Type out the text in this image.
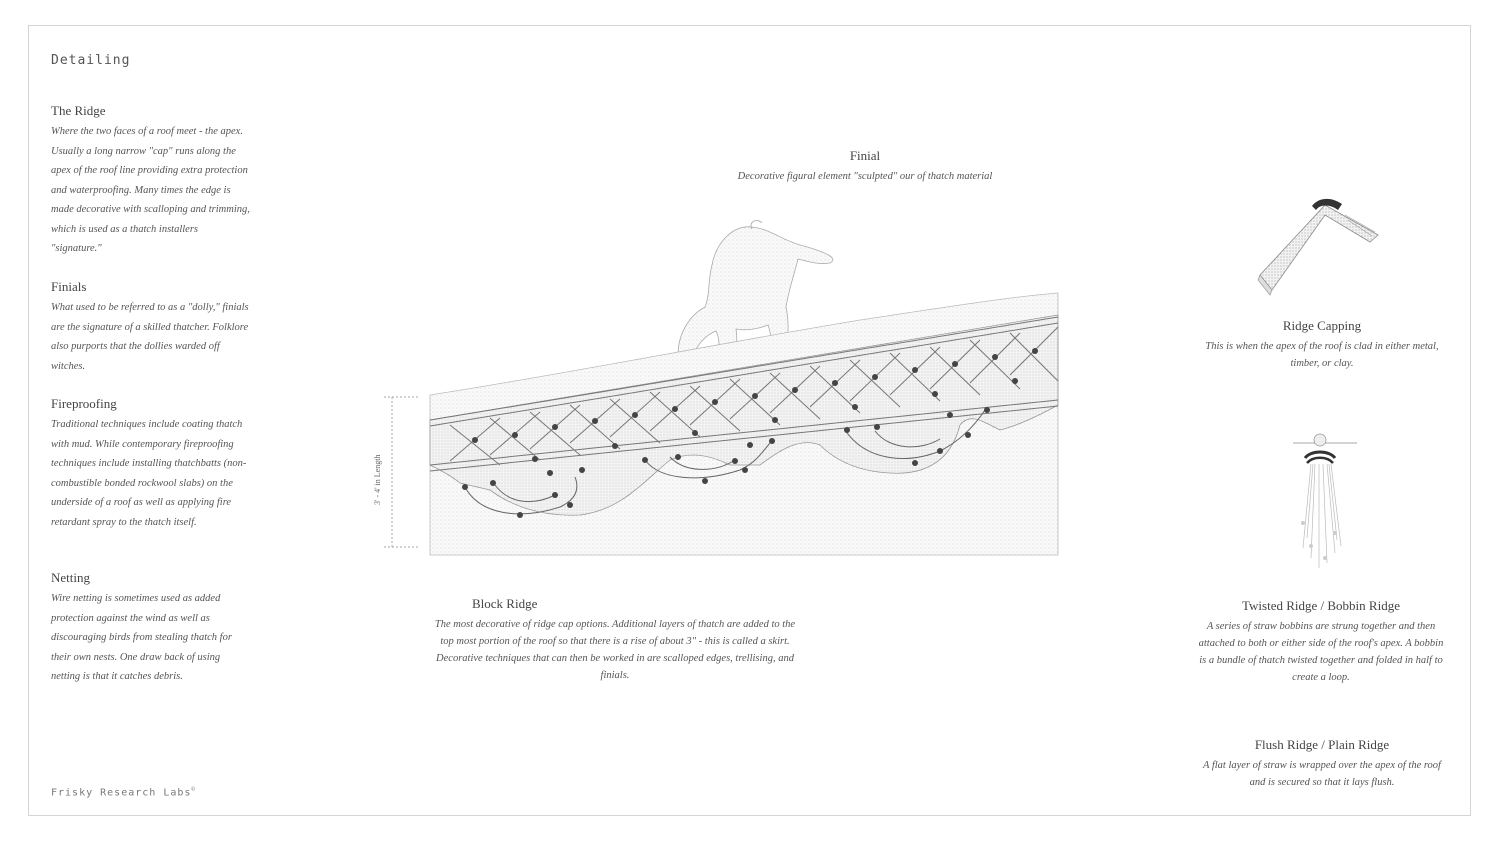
Detailing
The Ridge

Where the two faces of a roof meet - the apex. Usually a long narrow "cap" runs along the apex of the roof line providing extra protection and waterproofing. Many times the edge is made decorative with scalloping and trimming, which is used as a thatch installers "signature."

Finials

What used to be referred to as a "dolly," finials are the signature of a skilled thatcher. Folklore also purports that the dollies warded off witches.

Fireproofing

Traditional techniques include coating thatch with mud. While contemporary fireproofing techniques include installing thatchbatts (non-combustible bonded rockwool slabs) on the underside of a roof as well as applying fire retardant spray to the thatch itself.

Netting

Wire netting is sometimes used as added protection against the wind as well as discouraging birds from stealing thatch for their own nests. One draw back of using netting is that it catches debris.

Frisky Research Labs©
Finial

Decorative figural element "sculpted" our of thatch material

3' - 4' in Length
Block Ridge

The most decorative of ridge cap options. Additional layers of thatch are added to the top most portion of the roof so that there is a rise of about 3" - this is called a skirt. Decorative techniques that can then be worked in are scalloped edges, trellising, and finials.

Ridge Capping

This is when the apex of the roof is clad in either metal, timber, or clay.

Twisted Ridge / Bobbin Ridge

A series of straw bobbins are strung together and then attached to both or either side of the roof's apex. A bobbin is a bundle of thatch twisted together and folded in half to create a loop.

Flush Ridge / Plain Ridge

A flat layer of straw is wrapped over the apex of the roof and is secured so that it lays flush.
